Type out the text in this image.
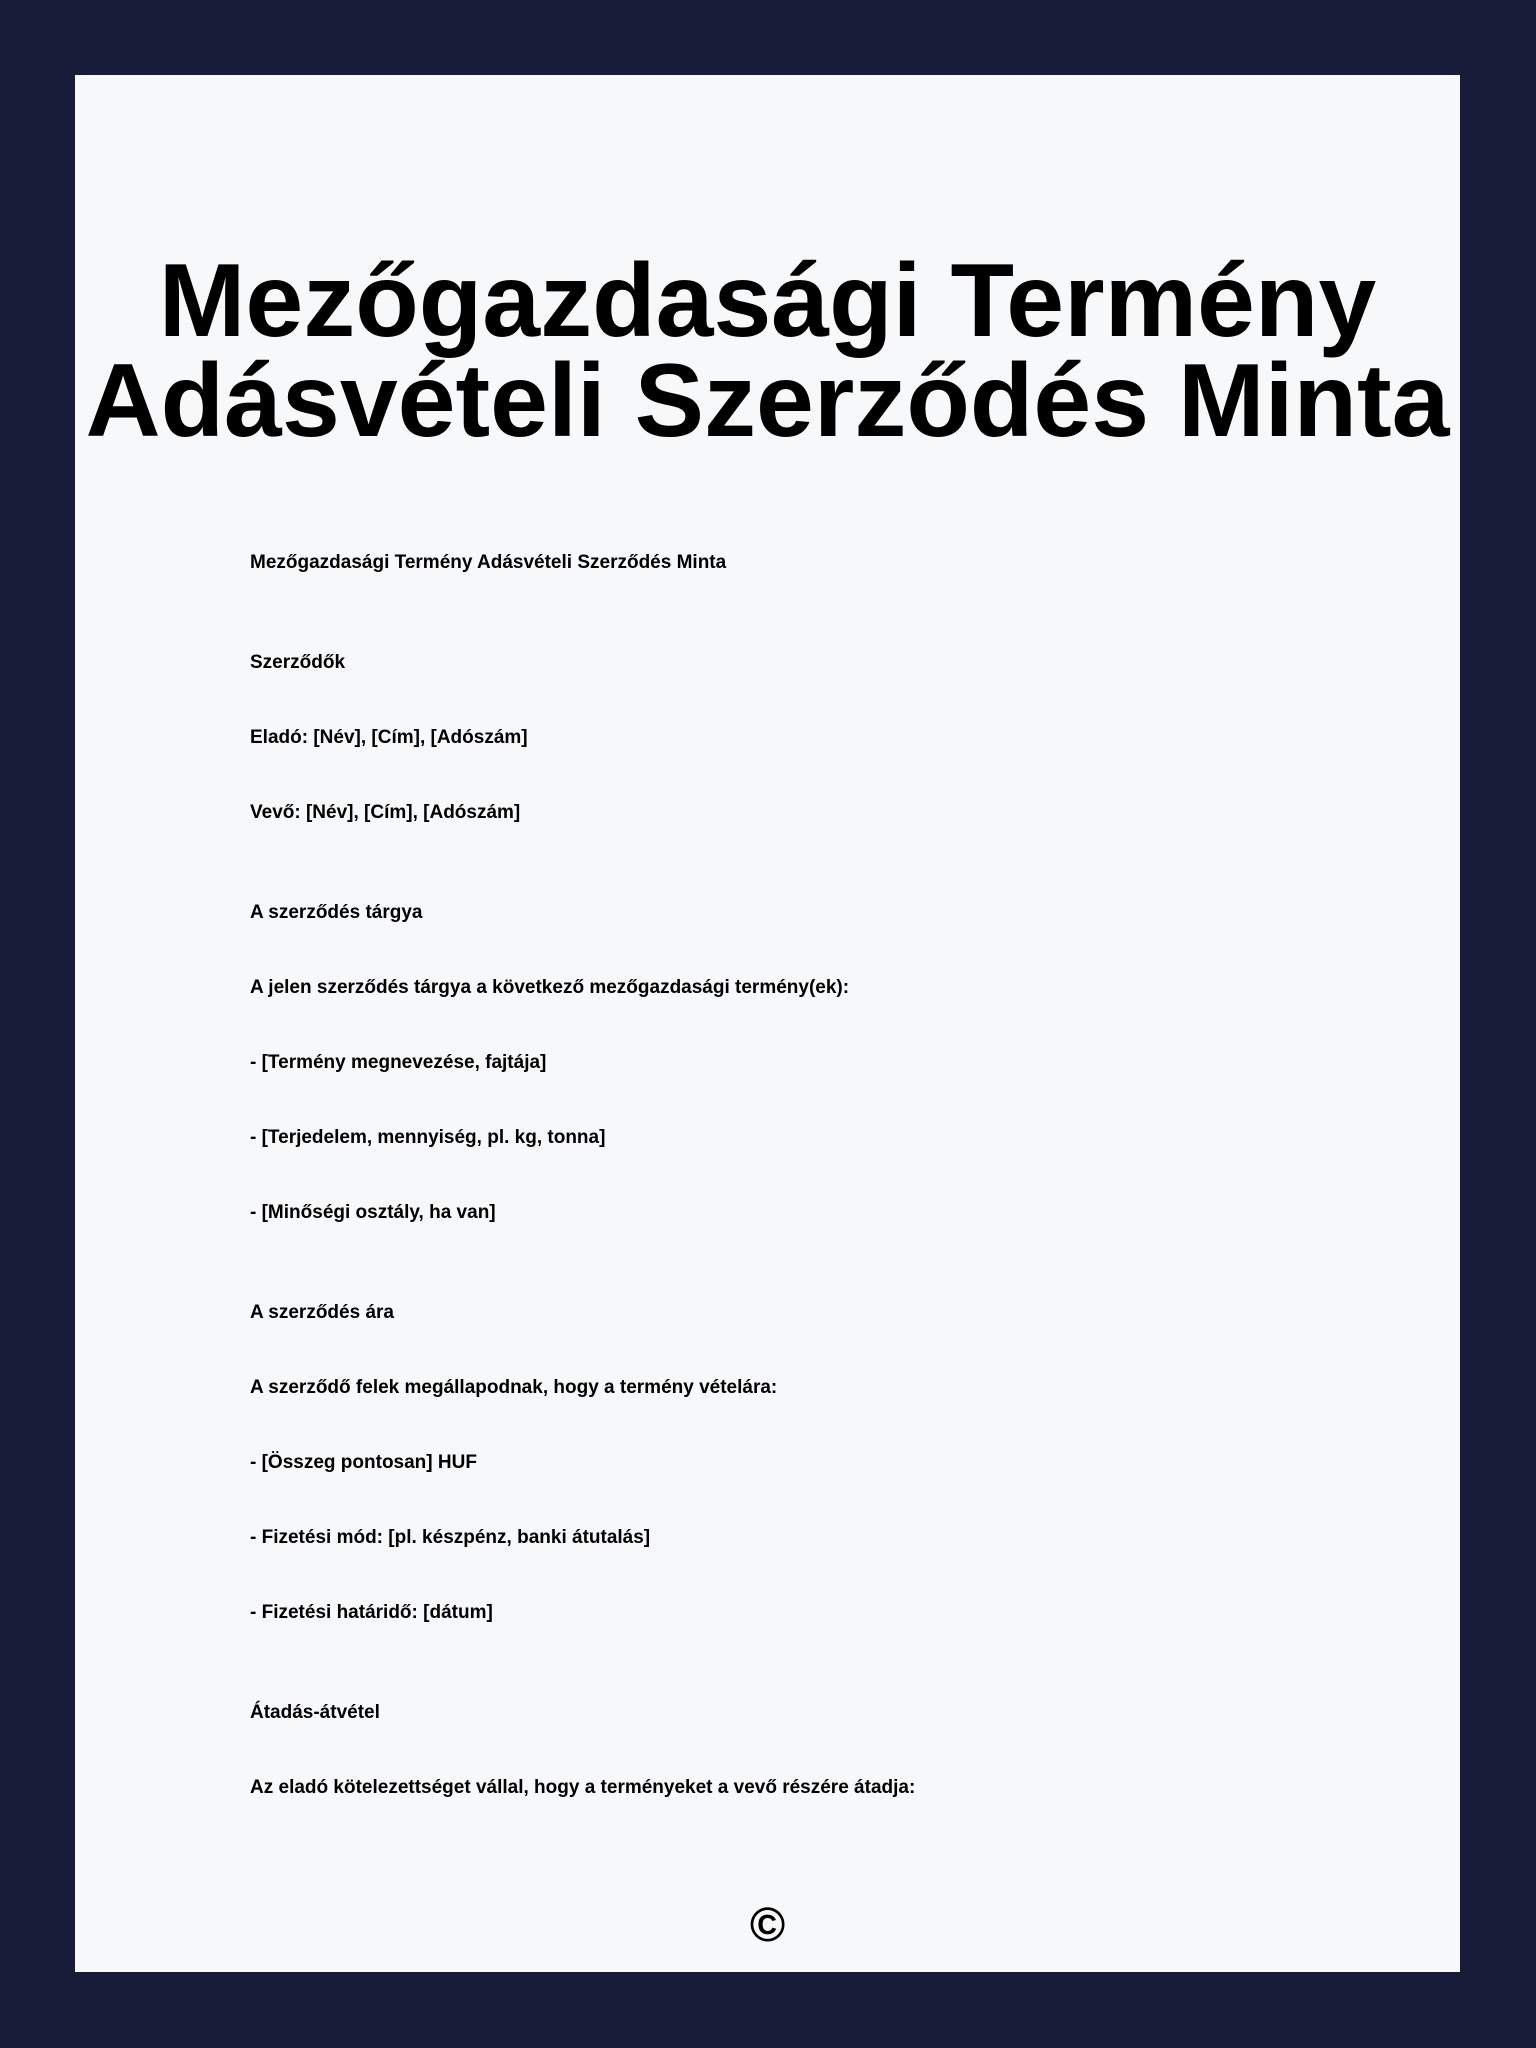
Mezőgazdasági Termény
Adásvételi Szerződés Minta

Mezőgazdasági Termény Adásvételi Szerződés Minta

Szerződők

Eladó: [Név], [Cím], [Adószám]

Vevő: [Név], [Cím], [Adószám]

A szerződés tárgya

A jelen szerződés tárgya a következő mezőgazdasági termény(ek):

- [Termény megnevezése, fajtája]

- [Terjedelem, mennyiség, pl. kg, tonna]

- [Minőségi osztály, ha van]

A szerződés ára

A szerződő felek megállapodnak, hogy a termény vételára:

- [Összeg pontosan] HUF

- Fizetési mód: [pl. készpénz, banki átutalás]

- Fizetési határidő: [dátum]

Átadás-átvétel

Az eladó kötelezettséget vállal, hogy a terményeket a vevő részére átadja:

©
